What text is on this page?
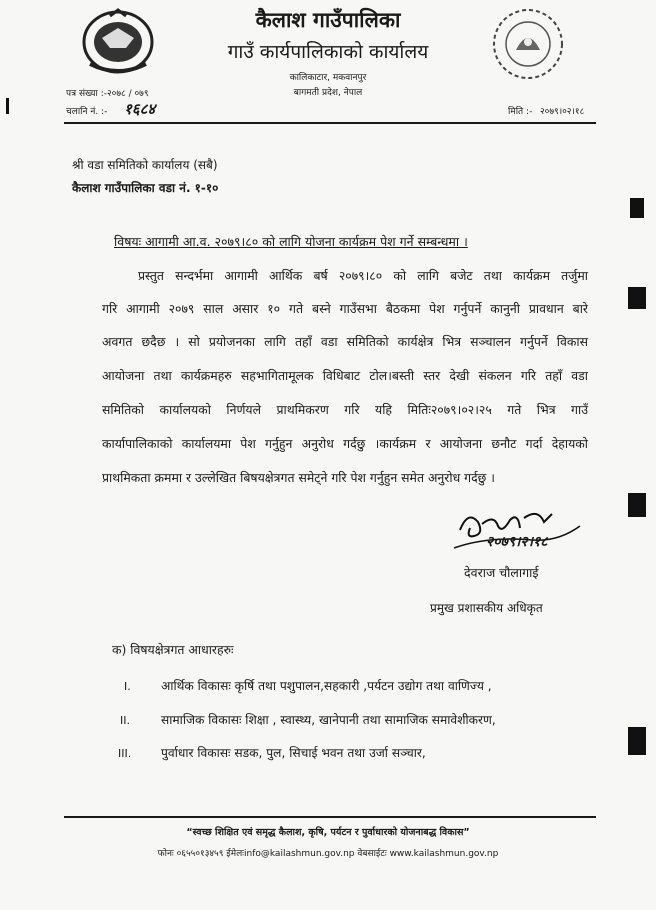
कैलाश गाउँपालिका
गाउँ कार्यपालिकाको कार्यालय
कालिकाटार, मकवानपुर
बागमती प्रदेश, नेपाल
पत्र संख्या :-२०७८ / ०७९
चलानि नं. :- १६८४	मिति :- २०७९।०२।१८
श्री वडा समितिको कार्यालय (सबै)
कैलाश गाउँपालिका वडा नं. १-१०
विषयः आगामी आ.व. २०७९।८० को लागि योजना कार्यक्रम पेश गर्ने सम्बन्धमा ।
प्रस्तुत सन्दर्भमा आगामी आर्थिक बर्ष २०७९।८० को लागि बजेट तथा कार्यक्रम तर्जुमा
गरि आगामी २०७९ साल असार १० गते बस्ने गाउँसभा बैठकमा पेश गर्नुपर्ने कानुनी प्रावधान बारे
अवगत छदैछ । सो प्रयोजनका लागि तहाँ वडा समितिको कार्यक्षेत्र भित्र सञ्चालन गर्नुपर्ने विकास
आयोजना तथा कार्यक्रमहरु सहभागितामूलक विधिबाट टोल।बस्ती स्तर देखी संकलन गरि तहाँ वडा
समितिको कार्यालयको निर्णयले प्राथमिकरण गरि यहि मितिः२०७९।०२।२५ गते भित्र गाउँ
कार्यापालिकाको कार्यालयमा पेश गर्नुहुन अनुरोध गर्दछु ।कार्यक्रम र आयोजना छनौट गर्दा देहायको
प्राथमिकता क्रममा र उल्लेखित बिषयक्षेत्रगत समेट्ने गरि पेश गर्नुहुन समेत अनुरोध गर्दछु ।
२०७९।२।१८
देवराज चौलागाई
प्रमुख प्रशासकीय अधिकृत
क) विषयक्षेत्रगत आधारहरुः
I. आर्थिक विकासः कृर्षि तथा पशुपालन,सहकारी ,पर्यटन उद्योग तथा वाणिज्य ,
II.	सामाजिक विकासः शिक्षा , स्वास्थ्य, खानेपानी तथा सामाजिक समावेशीकरण,
III. पुर्वाधार विकासः सडक, पुल, सिचाई भवन तथा उर्जा सञ्चार,
“स्वच्छ शिक्षित एवं समृद्ध कैलाश, कृषि, पर्यटन र पुर्वाधारको योजनाबद्ध विकास”
फोनः ०६५५०१३४५९ ईमेलःinfo@kailashmun.gov.np वेबसाईटः www.kailashmun.gov.np
